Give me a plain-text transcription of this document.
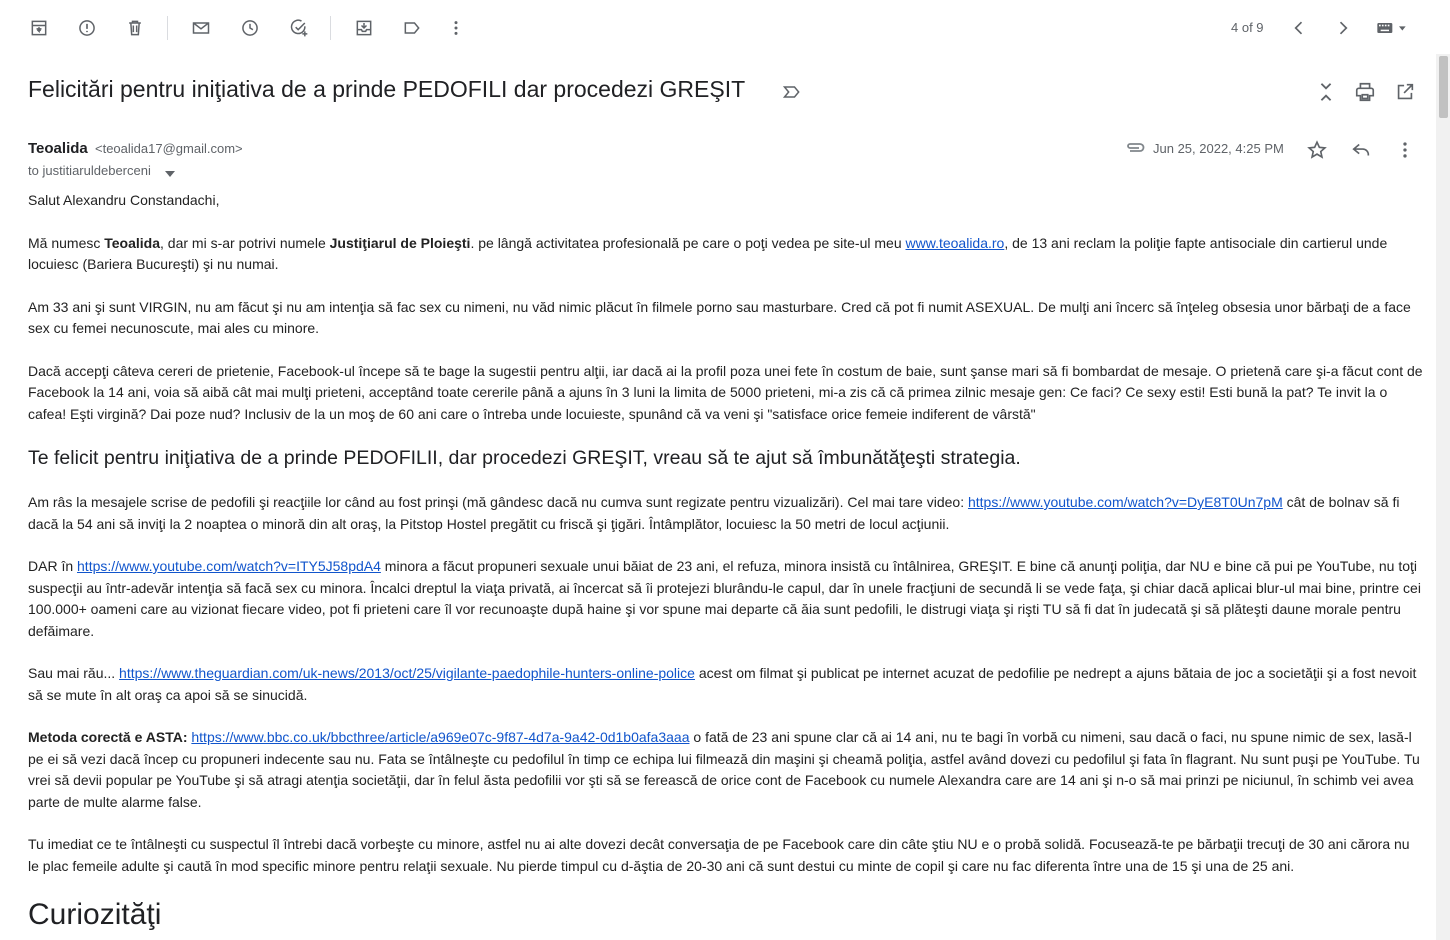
4 of 9
Felicitări pentru iniţiativa de a prinde PEDOFILI dar procedezi GREŞIT
Teoalida <teoalida17@gmail.com>
to justitiaruldeberceni
Jun 25, 2022, 4:25 PM

Salut Alexandru Constandachi,

Mă numesc Teoalida, dar mi s-ar potrivi numele Justiţiarul de Ploieşti. pe lângă activitatea profesională pe care o poţi vedea pe site-ul meu www.teoalida.ro, de 13 ani reclam la poliţie fapte antisociale din cartierul unde locuiesc (Bariera Bucureşti) şi nu numai.

Am 33 ani şi sunt VIRGIN, nu am făcut şi nu am intenţia să fac sex cu nimeni, nu văd nimic plăcut în filmele porno sau masturbare. Cred că pot fi numit ASEXUAL. De mulţi ani încerc să înţeleg obsesia unor bărbaţi de a face sex cu femei necunoscute, mai ales cu minore.

Dacă accepţi câteva cereri de prietenie, Facebook-ul începe să te bage la sugestii pentru alţii, iar dacă ai la profil poza unei fete în costum de baie, sunt şanse mari să fi bombardat de mesaje. O prietenă care şi-a făcut cont de Facebook la 14 ani, voia să aibă cât mai mulţi prieteni, acceptând toate cererile până a ajuns în 3 luni la limita de 5000 prieteni, mi-a zis că că primea zilnic mesaje gen: Ce faci? Ce sexy esti! Esti bună la pat? Te invit la o cafea! Eşti virgină? Dai poze nud? Inclusiv de la un moş de 60 ani care o întreba unde locuieste, spunând că va veni şi "satisface orice femeie indiferent de vârstă"

Te felicit pentru iniţiativa de a prinde PEDOFILII, dar procedezi GREŞIT, vreau să te ajut să îmbunătăţeşti strategia.

Am râs la mesajele scrise de pedofili şi reacţiile lor când au fost prinşi (mă gândesc dacă nu cumva sunt regizate pentru vizualizări). Cel mai tare video: https://www.youtube.com/watch?v=DyE8T0Un7pM cât de bolnav să fi dacă la 54 ani să inviţi la 2 noaptea o minoră din alt oraş, la Pitstop Hostel pregătit cu friscă şi ţigări. Întâmplător, locuiesc la 50 metri de locul acţiunii.

DAR în https://www.youtube.com/watch?v=ITY5J58pdA4 minora a făcut propuneri sexuale unui băiat de 23 ani, el refuza, minora insistă cu întâlnirea, GREŞIT. E bine că anunţi poliţia, dar NU e bine că pui pe YouTube, nu toţi suspecţii au într-adevăr intenţia să facă sex cu minora. Încalci dreptul la viaţa privată, ai încercat să îi protejezi blurându-le capul, dar în unele fracţiuni de secundă li se vede faţa, şi chiar dacă aplicai blur-ul mai bine, printre cei 100.000+ oameni care au vizionat fiecare video, pot fi prieteni care îl vor recunoaşte după haine şi vor spune mai departe că ăia sunt pedofili, le distrugi viaţa şi rişti TU să fi dat în judecată şi să plăteşti daune morale pentru defăimare.

Sau mai rău... https://www.theguardian.com/uk-news/2013/oct/25/vigilante-paedophile-hunters-online-police acest om filmat şi publicat pe internet acuzat de pedofilie pe nedrept a ajuns bătaia de joc a societăţii şi a fost nevoit să se mute în alt oraş ca apoi să se sinucidă.

Metoda corectă e ASTA: https://www.bbc.co.uk/bbcthree/article/a969e07c-9f87-4d7a-9a42-0d1b0afa3aaa o fată de 23 ani spune clar că ai 14 ani, nu te bagi în vorbă cu nimeni, sau dacă o faci, nu spune nimic de sex, lasă-l pe ei să vezi dacă încep cu propuneri indecente sau nu. Fata se întâlneşte cu pedofilul în timp ce echipa lui filmează din maşini şi cheamă poliţia, astfel având dovezi cu pedofilul şi fata în flagrant. Nu sunt puşi pe YouTube. Tu vrei să devii popular pe YouTube şi să atragi atenţia societăţii, dar în felul ăsta pedofilii vor şti să se ferească de orice cont de Facebook cu numele Alexandra care are 14 ani şi n-o să mai prinzi pe niciunul, în schimb vei avea parte de multe alarme false.

Tu imediat ce te întâlneşti cu suspectul îl întrebi dacă vorbeşte cu minore, astfel nu ai alte dovezi decât conversaţia de pe Facebook care din câte ştiu NU e o probă solidă. Focusează-te pe bărbaţii trecuţi de 30 ani cărora nu le plac femeile adulte şi caută în mod specific minore pentru relaţii sexuale. Nu pierde timpul cu d-ăştia de 20-30 ani că sunt destui cu minte de copil şi care nu fac diferenta între una de 15 şi una de 25 ani.

Curiozităţi
